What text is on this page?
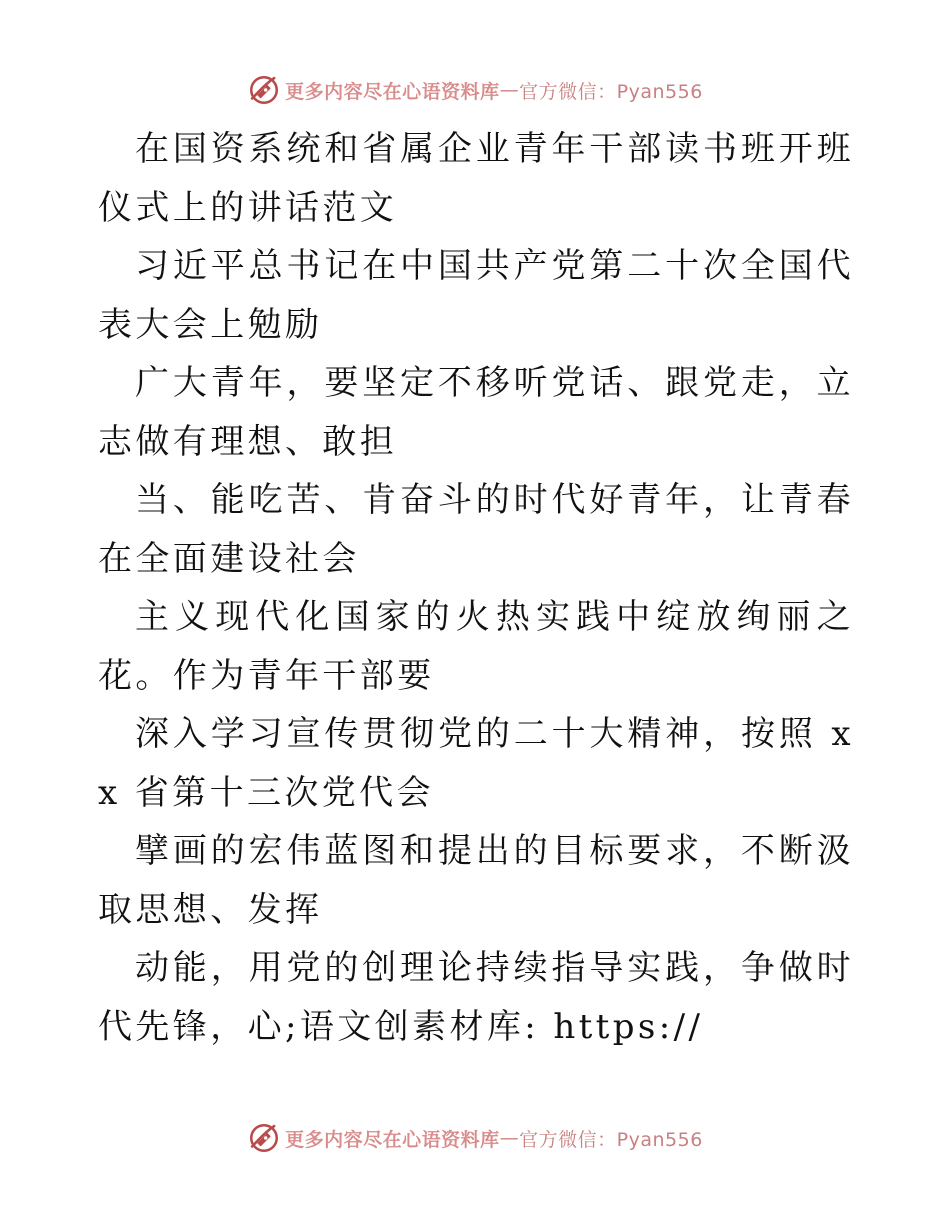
更多内容尽在心语资料库 — 官方微信：Pyan556

在国资系统和省属企业青年干部读书班开班仪式上的讲话范文

习近平总书记在中国共产党第二十次全国代表大会上勉励

广大青年，要坚定不移听党话、跟党走，立志做有理想、敢担

当、能吃苦、肯奋斗的时代好青年，让青春在全面建设社会

主义现代化国家的火热实践中绽放绚丽之花。作为青年干部要

深入学习宣传贯彻党的二十大精神，按照 xx 省第十三次党代会

擘画的宏伟蓝图和提出的目标要求，不断汲取思想、发挥

动能，用党的创理论持续指导实践，争做时代先锋，心;语文创素材库: https://

更多内容尽在心语资料库 — 官方微信：Pyan556
